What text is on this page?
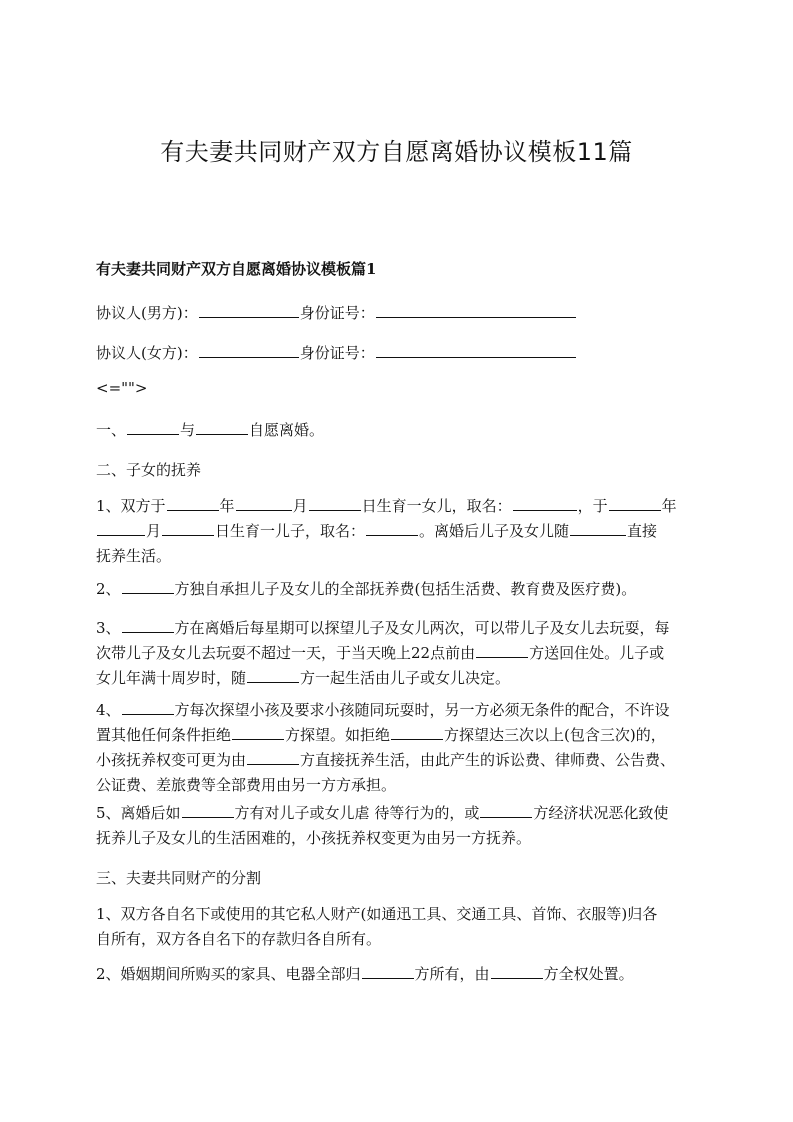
有夫妻共同财产双方自愿离婚协议模板11篇
有夫妻共同财产双方自愿离婚协议模板篇1
协议人(男方)：	身份证号：
协议人(女方)：	身份证号：
<="">
一、	与	自愿离婚。
二、子女的抚养
1、双方于	年	月	日生育一女儿，取名：	，于	年
月	日生育一儿子，取名：	。离婚后儿子及女儿随	直接
抚养生活。
2、	方独自承担儿子及女儿的全部抚养费(包括生活费、教育费及医疗费)。
3、	方在离婚后每星期可以探望儿子及女儿两次，可以带儿子及女儿去玩耍，每
次带儿子及女儿去玩耍不超过一天，于当天晚上22点前由	方送回住处。儿子或
女儿年满十周岁时，随	方一起生活由儿子或女儿决定。
4、	方每次探望小孩及要求小孩随同玩耍时，另一方必须无条件的配合，不许设
置其他任何条件拒绝	方探望。如拒绝	方探望达三次以上(包含三次)的，
小孩抚养权变可更为由	方直接抚养生活，由此产生的诉讼费、律师费、公告费、
公证费、差旅费等全部费用由另一方方承担。
5、离婚后如	方有对儿子或女儿虐 待等行为的，或	方经济状况恶化致使
抚养儿子及女儿的生活困难的，小孩抚养权变更为由另一方抚养。
三、夫妻共同财产的分割
1、双方各自名下或使用的其它私人财产(如通迅工具、交通工具、首饰、衣服等)归各
自所有，双方各自名下的存款归各自所有。
2、婚姻期间所购买的家具、电器全部归	方所有，由	方全权处置。
